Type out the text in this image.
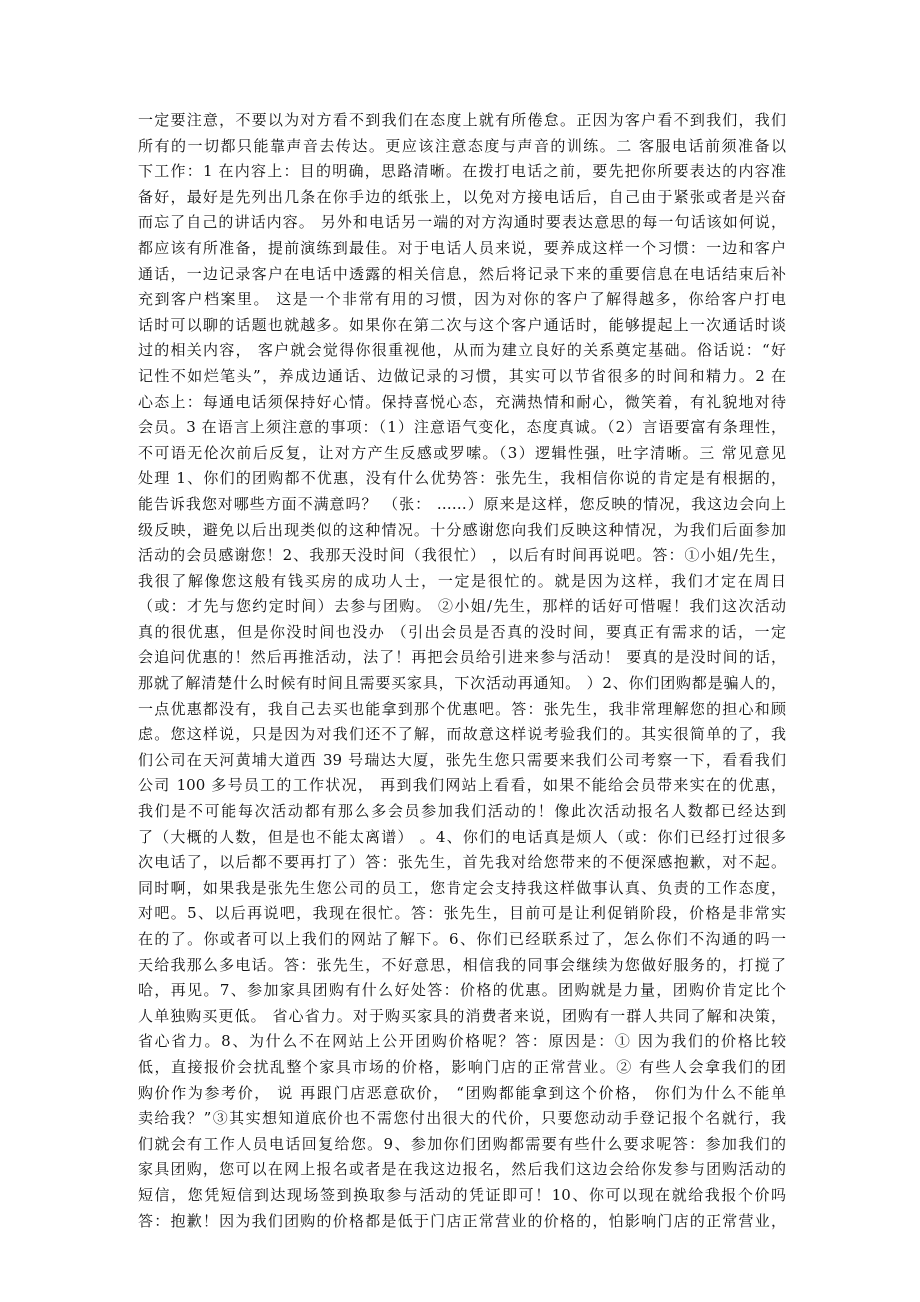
一定要注意，不要以为对方看不到我们在态度上就有所倦怠。正因为客户看不到我们，我们
所有的一切都只能靠声音去传达。更应该注意态度与声音的训练。二 客服电话前须准备以
下工作：1 在内容上：目的明确，思路清晰。在拨打电话之前，要先把你所要表达的内容准
备好，最好是先列出几条在你手边的纸张上，以免对方接电话后，自己由于紧张或者是兴奋
而忘了自己的讲话内容。 另外和电话另一端的对方沟通时要表达意思的每一句话该如何说，
都应该有所准备，提前演练到最佳。对于电话人员来说，要养成这样一个习惯：一边和客户
通话，一边记录客户在电话中透露的相关信息，然后将记录下来的重要信息在电话结束后补
充到客户档案里。 这是一个非常有用的习惯，因为对你的客户了解得越多，你给客户打电
话时可以聊的话题也就越多。如果你在第二次与这个客户通话时，能够提起上一次通话时谈
过的相关内容， 客户就会觉得你很重视他，从而为建立良好的关系奠定基础。俗话说：“好
记性不如烂笔头”，养成边通话、边做记录的习惯，其实可以节省很多的时间和精力。2 在
心态上：每通电话须保持好心情。保持喜悦心态，充满热情和耐心，微笑着，有礼貌地对待
会员。3 在语言上须注意的事项：（1）注意语气变化，态度真诚。（2）言语要富有条理性，
不可语无伦次前后反复，让对方产生反感或罗嗦。（3）逻辑性强，吐字清晰。三 常见意见
处理 1、你们的团购都不优惠，没有什么优势答：张先生，我相信你说的肯定是有根据的，
能告诉我您对哪些方面不满意吗？ （张： ……）原来是这样，您反映的情况，我这边会向上
级反映，避免以后出现类似的这种情况。十分感谢您向我们反映这种情况，为我们后面参加
活动的会员感谢您！2、我那天没时间（我很忙） ，以后有时间再说吧。答：①小姐/先生，
我很了解像您这般有钱买房的成功人士，一定是很忙的。就是因为这样，我们才定在周日
（或：才先与您约定时间）去参与团购。 ②小姐/先生，那样的话好可惜喔！我们这次活动
真的很优惠，但是你没时间也没办 （引出会员是否真的没时间，要真正有需求的话，一定
会追问优惠的！然后再推活动，法了！再把会员给引进来参与活动！ 要真的是没时间的话，
那就了解清楚什么时候有时间且需要买家具，下次活动再通知。 ）2、你们团购都是骗人的，
一点优惠都没有，我自己去买也能拿到那个优惠吧。答：张先生，我非常理解您的担心和顾
虑。您这样说，只是因为对我们还不了解，而故意这样说考验我们的。其实很简单的了，我
们公司在天河黄埔大道西 39 号瑞达大厦，张先生您只需要来我们公司考察一下，看看我们
公司 100 多号员工的工作状况， 再到我们网站上看看，如果不能给会员带来实在的优惠，
我们是不可能每次活动都有那么多会员参加我们活动的！像此次活动报名人数都已经达到
了（大概的人数，但是也不能太离谱） 。4、你们的电话真是烦人（或：你们已经打过很多
次电话了，以后都不要再打了）答：张先生，首先我对给您带来的不便深感抱歉，对不起。
同时啊，如果我是张先生您公司的员工，您肯定会支持我这样做事认真、负责的工作态度，
对吧。5、以后再说吧，我现在很忙。答：张先生，目前可是让利促销阶段，价格是非常实
在的了。你或者可以上我们的网站了解下。6、你们已经联系过了，怎么你们不沟通的吗一
天给我那么多电话。答：张先生，不好意思，相信我的同事会继续为您做好服务的，打搅了
哈，再见。7、参加家具团购有什么好处答：价格的优惠。团购就是力量，团购价肯定比个
人单独购买更低。 省心省力。对于购买家具的消费者来说，团购有一群人共同了解和决策，
省心省力。8、为什么不在网站上公开团购价格呢？答：原因是：① 因为我们的价格比较
低，直接报价会扰乱整个家具市场的价格，影响门店的正常营业。② 有些人会拿我们的团
购价作为参考价， 说 再跟门店恶意砍价， “团购都能拿到这个价格， 你们为什么不能单
卖给我？”③其实想知道底价也不需您付出很大的代价，只要您动动手登记报个名就行，我
们就会有工作人员电话回复给您。9、参加你们团购都需要有些什么要求呢答：参加我们的
家具团购，您可以在网上报名或者是在我这边报名，然后我们这边会给你发参与团购活动的
短信，您凭短信到达现场签到换取参与活动的凭证即可！10、你可以现在就给我报个价吗
答：抱歉！因为我们团购的价格都是低于门店正常营业的价格的，怕影响门店的正常营业，
